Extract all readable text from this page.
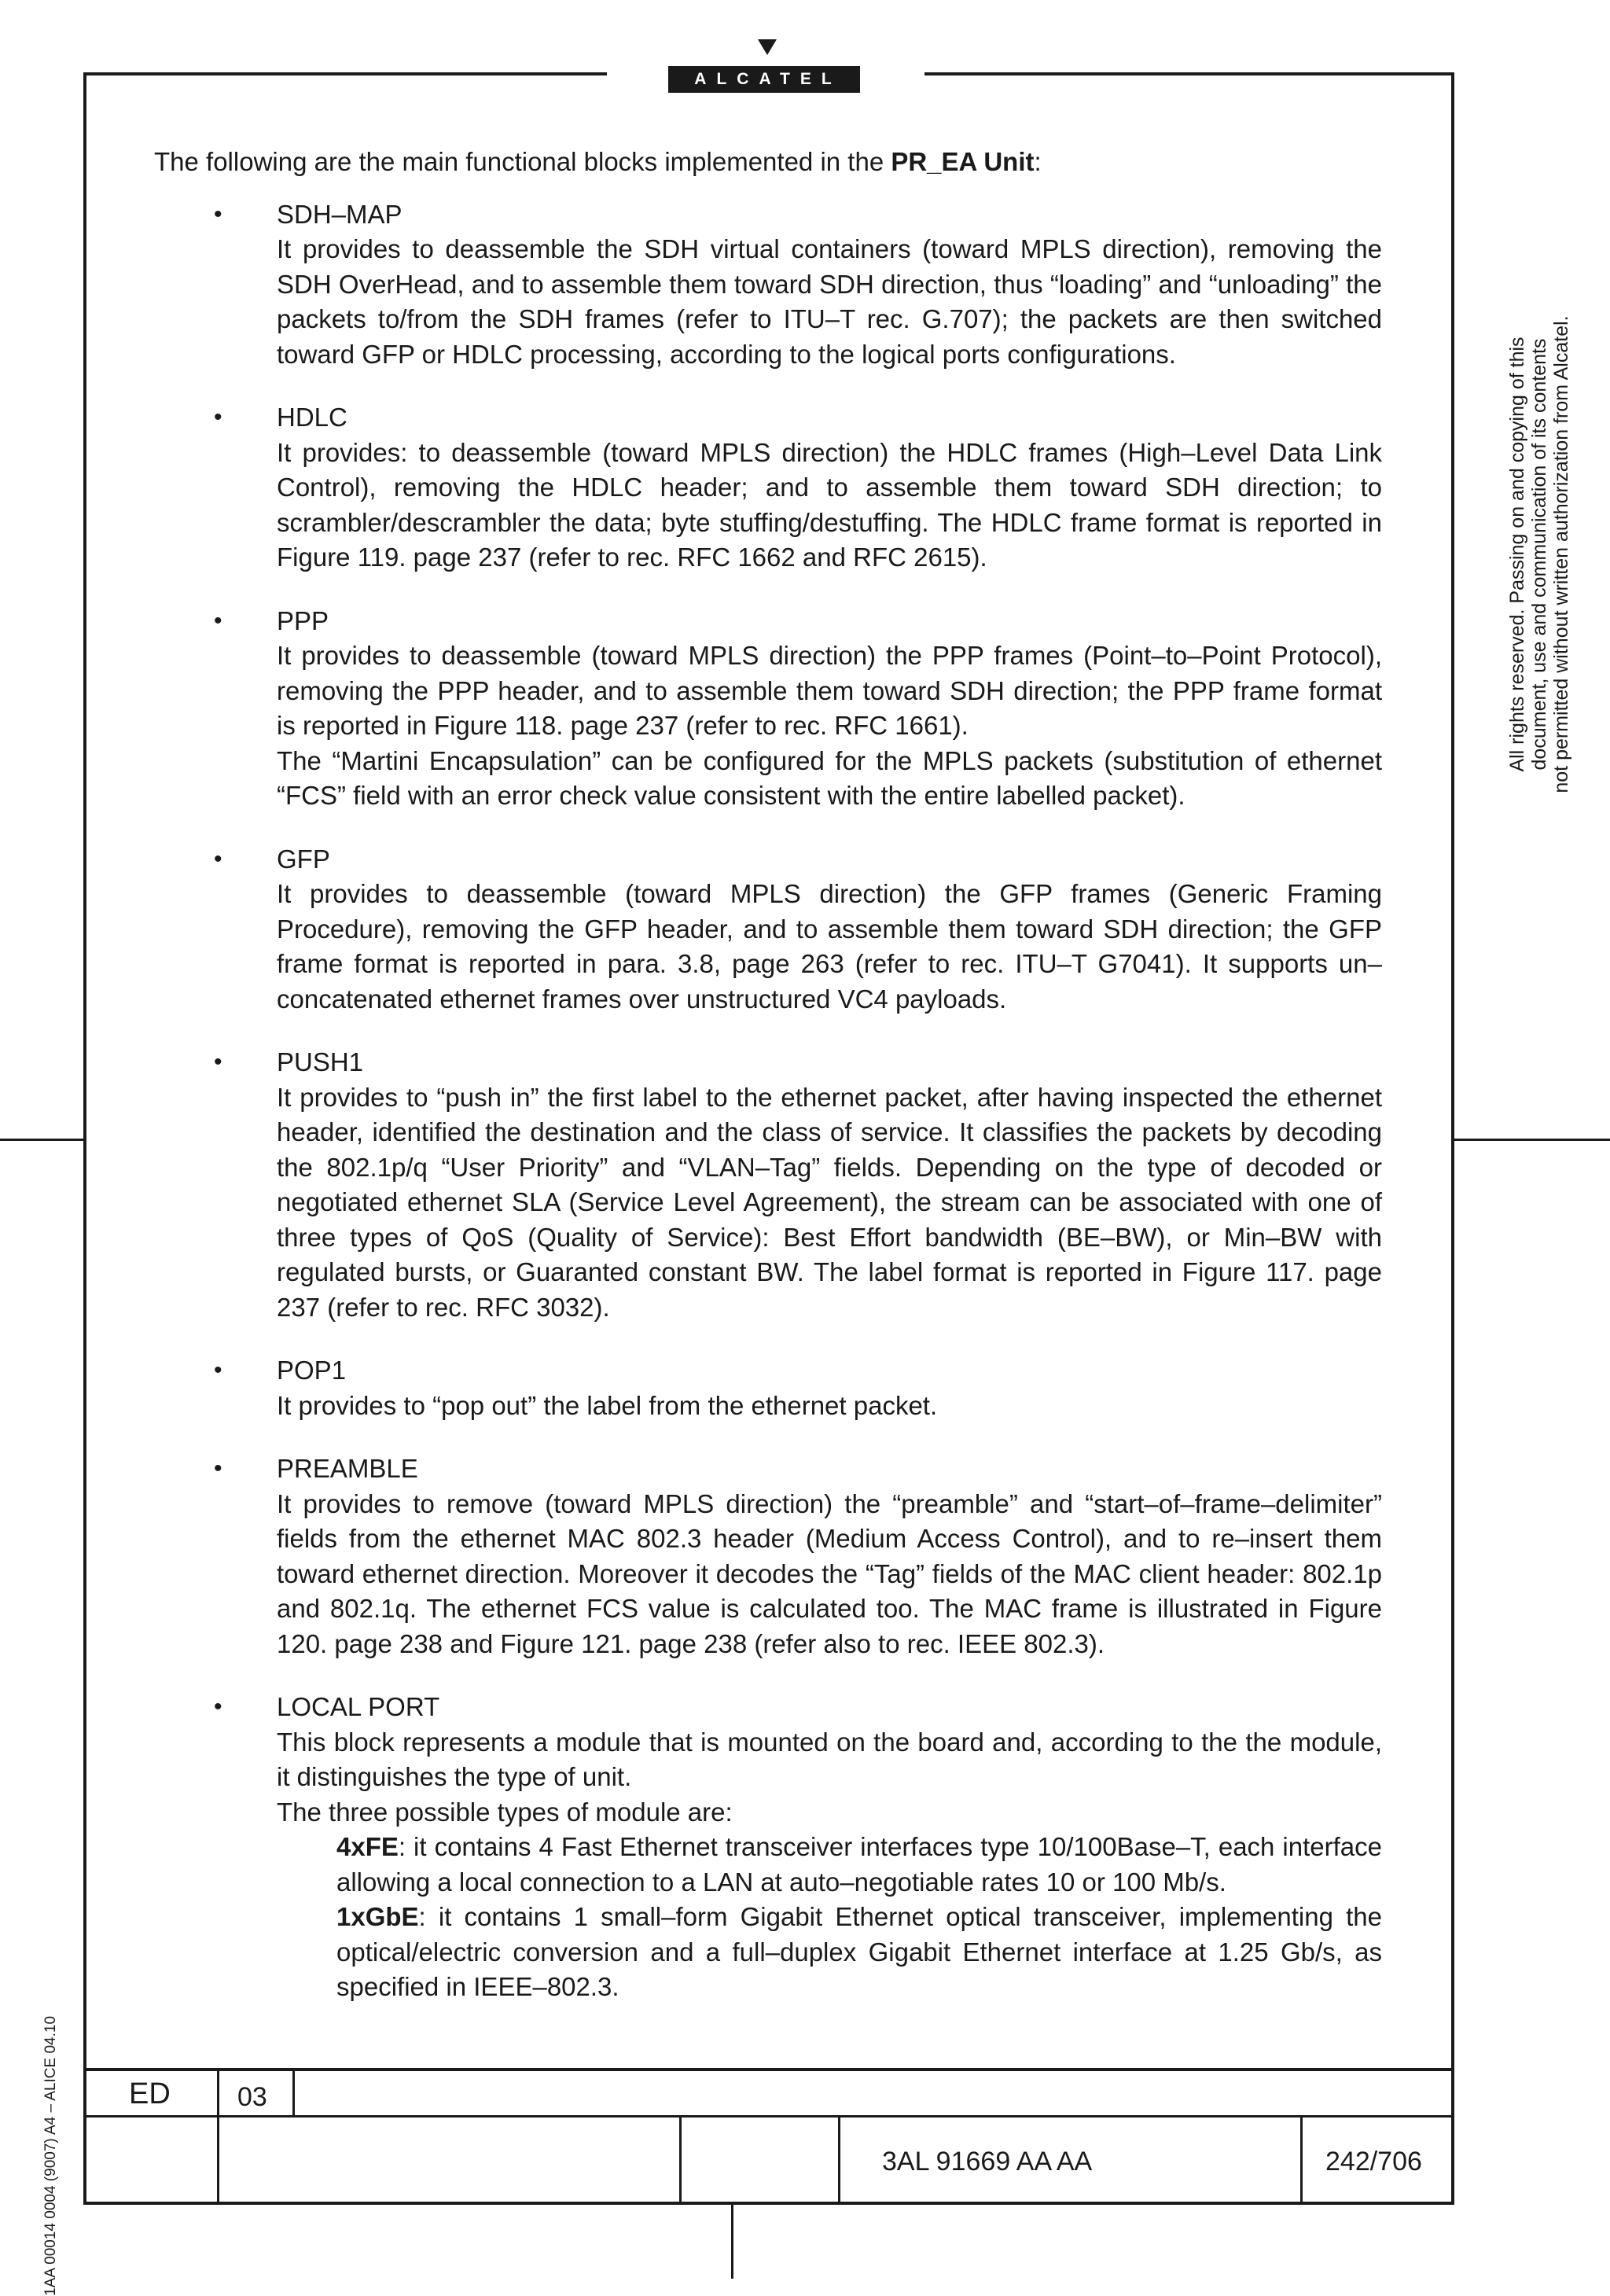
ALCATEL

The following are the main functional blocks implemented in the PR_EA Unit:

• SDH–MAP
It provides to deassemble the SDH virtual containers (toward MPLS direction), removing the SDH OverHead, and to assemble them toward SDH direction, thus “loading” and “unloading” the packets to/from the SDH frames (refer to ITU–T rec. G.707); the packets are then switched toward GFP or HDLC processing, according to the logical ports configurations.
• HDLC
It provides: to deassemble (toward MPLS direction) the HDLC frames (High–Level Data Link Control), removing the HDLC header; and to assemble them toward SDH direction; to scrambler/descrambler the data; byte stuffing/destuffing. The HDLC frame format is reported in Figure 119. page 237 (refer to rec. RFC 1662 and RFC 2615).
• PPP
It provides to deassemble (toward MPLS direction) the PPP frames (Point–to–Point Protocol), removing the PPP header, and to assemble them toward SDH direction; the PPP frame format is reported in Figure 118. page 237 (refer to rec. RFC 1661).
The “Martini Encapsulation” can be configured for the MPLS packets (substitution of ethernet “FCS” field with an error check value consistent with the entire labelled packet).
• GFP
It provides to deassemble (toward MPLS direction) the GFP frames (Generic Framing Procedure), removing the GFP header, and to assemble them toward SDH direction; the GFP frame format is reported in para. 3.8, page 263 (refer to rec. ITU–T G7041). It supports un–concatenated ethernet frames over unstructured VC4 payloads.
• PUSH1
It provides to “push in” the first label to the ethernet packet, after having inspected the ethernet header, identified the destination and the class of service. It classifies the packets by decoding the 802.1p/q “User Priority” and “VLAN–Tag” fields. Depending on the type of decoded or negotiated ethernet SLA (Service Level Agreement), the stream can be associated with one of three types of QoS (Quality of Service): Best Effort bandwidth (BE–BW), or Min–BW with regulated bursts, or Guaranted constant BW. The label format is reported in Figure 117. page 237 (refer to rec. RFC 3032).
• POP1
It provides to “pop out” the label from the ethernet packet.
• PREAMBLE
It provides to remove (toward MPLS direction) the “preamble” and “start–of–frame–delimiter” fields from the ethernet MAC 802.3 header (Medium Access Control), and to re–insert them toward ethernet direction. Moreover it decodes the “Tag” fields of the MAC client header: 802.1p and 802.1q. The ethernet FCS value is calculated too. The MAC frame is illustrated in Figure 120. page 238 and Figure 121. page 238 (refer also to rec. IEEE 802.3).
• LOCAL PORT
This block represents a module that is mounted on the board and, according to the the module, it distinguishes the type of unit.
The three possible types of module are:
4xFE: it contains 4 Fast Ethernet transceiver interfaces type 10/100Base–T, each interface allowing a local connection to a LAN at auto–negotiable rates 10 or 100 Mb/s.
1xGbE: it contains 1 small–form Gigabit Ethernet optical transceiver, implementing the optical/electric conversion and a full–duplex Gigabit Ethernet interface at 1.25 Gb/s, as specified in IEEE–802.3.
All rights reserved. Passing on and copying of this document, use and communication of its contents not permitted without written authorization from Alcatel.
1AA 00014 0004 (9007) A4 – ALICE 04.10	ED	03
3AL 91669 AA AA	242/706
